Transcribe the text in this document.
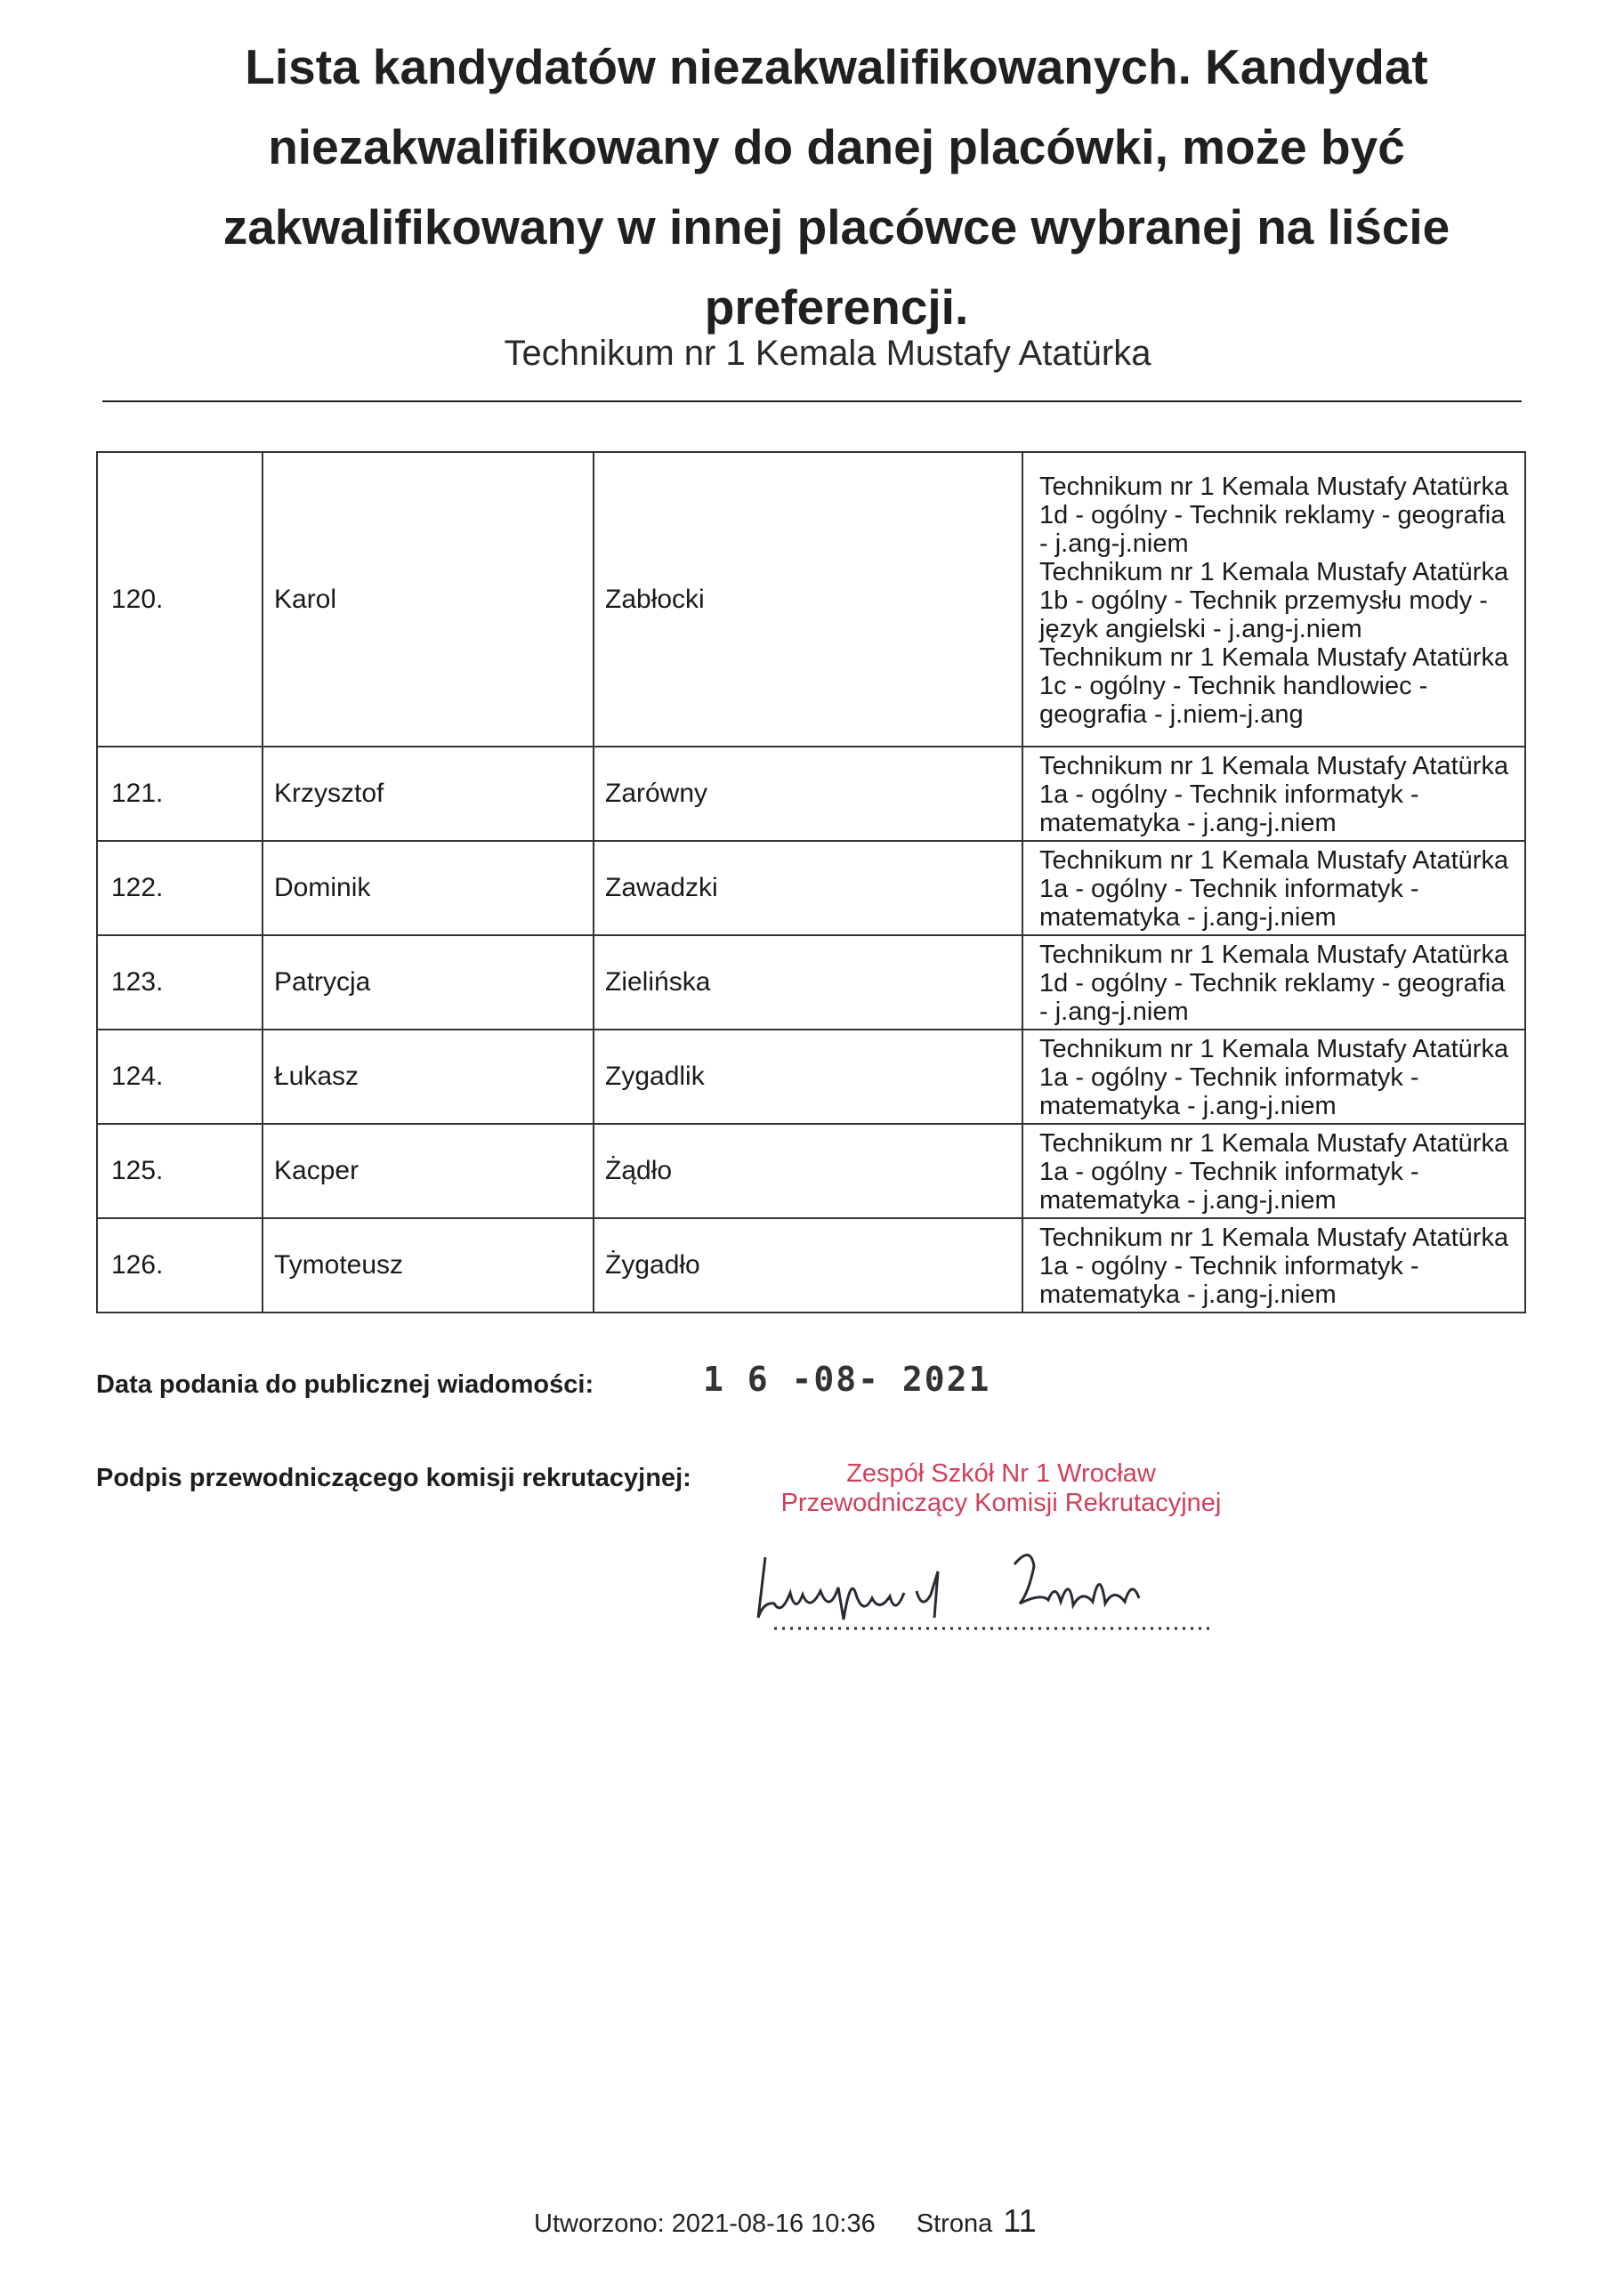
Lista kandydatów niezakwalifikowanych. Kandydat niezakwalifikowany do danej placówki, może być zakwalifikowany w innej placówce wybranej na liście preferencji.
Technikum nr 1 Kemala Mustafy Atatürka
120.	Karol	Zabłocki	Technikum nr 1 Kemala Mustafy Atatürka 1d - ogólny - Technik reklamy - geografia - j.ang-j.niem
Technikum nr 1 Kemala Mustafy Atatürka 1b - ogólny - Technik przemysłu mody - język angielski - j.ang-j.niem
Technikum nr 1 Kemala Mustafy Atatürka 1c - ogólny - Technik handlowiec - geografia - j.niem-j.ang

121.	Krzysztof	Zarówny	Technikum nr 1 Kemala Mustafy Atatürka 1a - ogólny - Technik informatyk - matematyka - j.ang-j.niem

122.	Dominik	Zawadzki	Technikum nr 1 Kemala Mustafy Atatürka 1a - ogólny - Technik informatyk - matematyka - j.ang-j.niem

123.	Patrycja	Zielińska	Technikum nr 1 Kemala Mustafy Atatürka 1d - ogólny - Technik reklamy - geografia - j.ang-j.niem

124.	Łukasz	Zygadlik	Technikum nr 1 Kemala Mustafy Atatürka 1a - ogólny - Technik informatyk - matematyka - j.ang-j.niem

125.	Kacper	Żądło	Technikum nr 1 Kemala Mustafy Atatürka 1a - ogólny - Technik informatyk - matematyka - j.ang-j.niem

126.	Tymoteusz	Żygadło	Technikum nr 1 Kemala Mustafy Atatürka 1a - ogólny - Technik informatyk - matematyka - j.ang-j.niem
Data podania do publicznej wiadomości:	1 6 -08- 2021
Podpis przewodniczącego komisji rekrutacyjnej:	Zespół Szkół Nr 1 Wrocław
Przewodniczący Komisji Rekrutacyjnej
Mateusz Zabłocki
Utworzono: 2021-08-16 10:36 Strona 11
